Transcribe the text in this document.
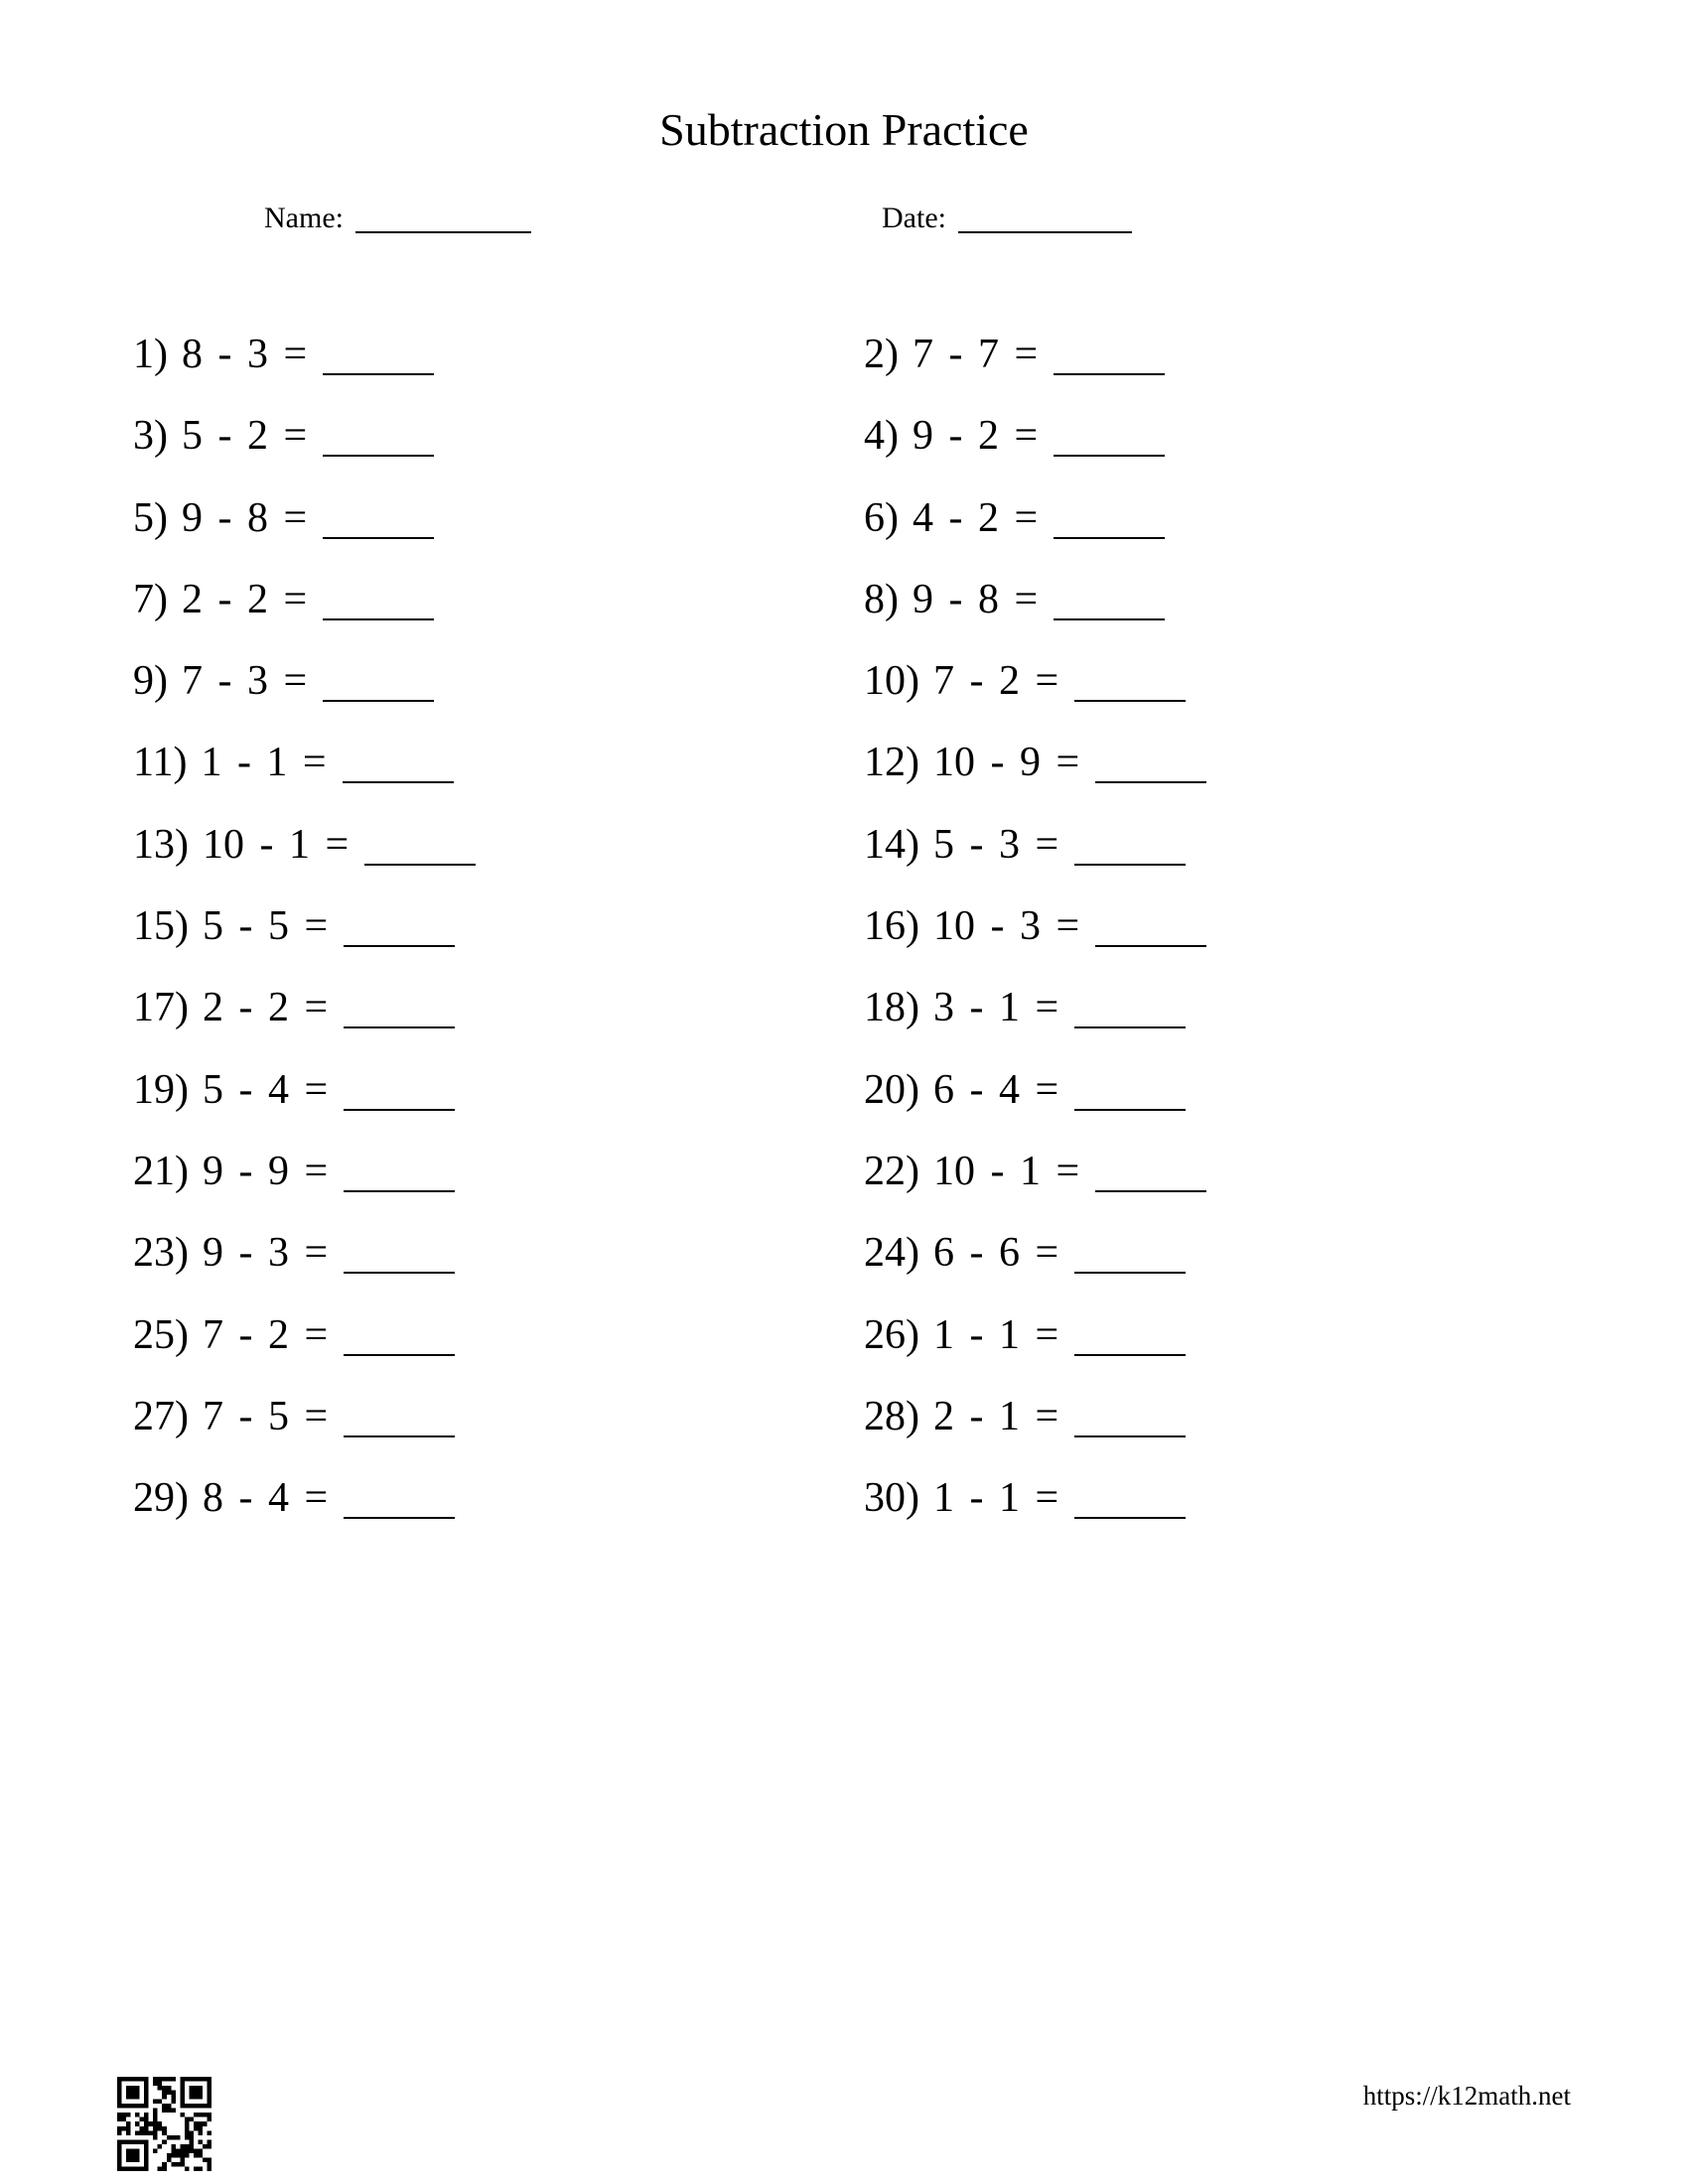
Subtraction Practice
Name:	Date:
1) 8 - 3 =	2) 7 - 7 =
3) 5 - 2 =	4) 9 - 2 =
5) 9 - 8 =	6) 4 - 2 =
7) 2 - 2 =	8) 9 - 8 =
9) 7 - 3 =	10) 7 - 2 =
11) 1 - 1 =	12) 10 - 9 =
13) 10 - 1 =	14) 5 - 3 =
15) 5 - 5 =	16) 10 - 3 =
17) 2 - 2 =	18) 3 - 1 =
19) 5 - 4 =	20) 6 - 4 =
21) 9 - 9 =	22) 10 - 1 =
23) 9 - 3 =	24) 6 - 6 =
25) 7 - 2 =	26) 1 - 1 =
27) 7 - 5 =	28) 2 - 1 =
29) 8 - 4 =	30) 1 - 1 =
https://k12math.net
